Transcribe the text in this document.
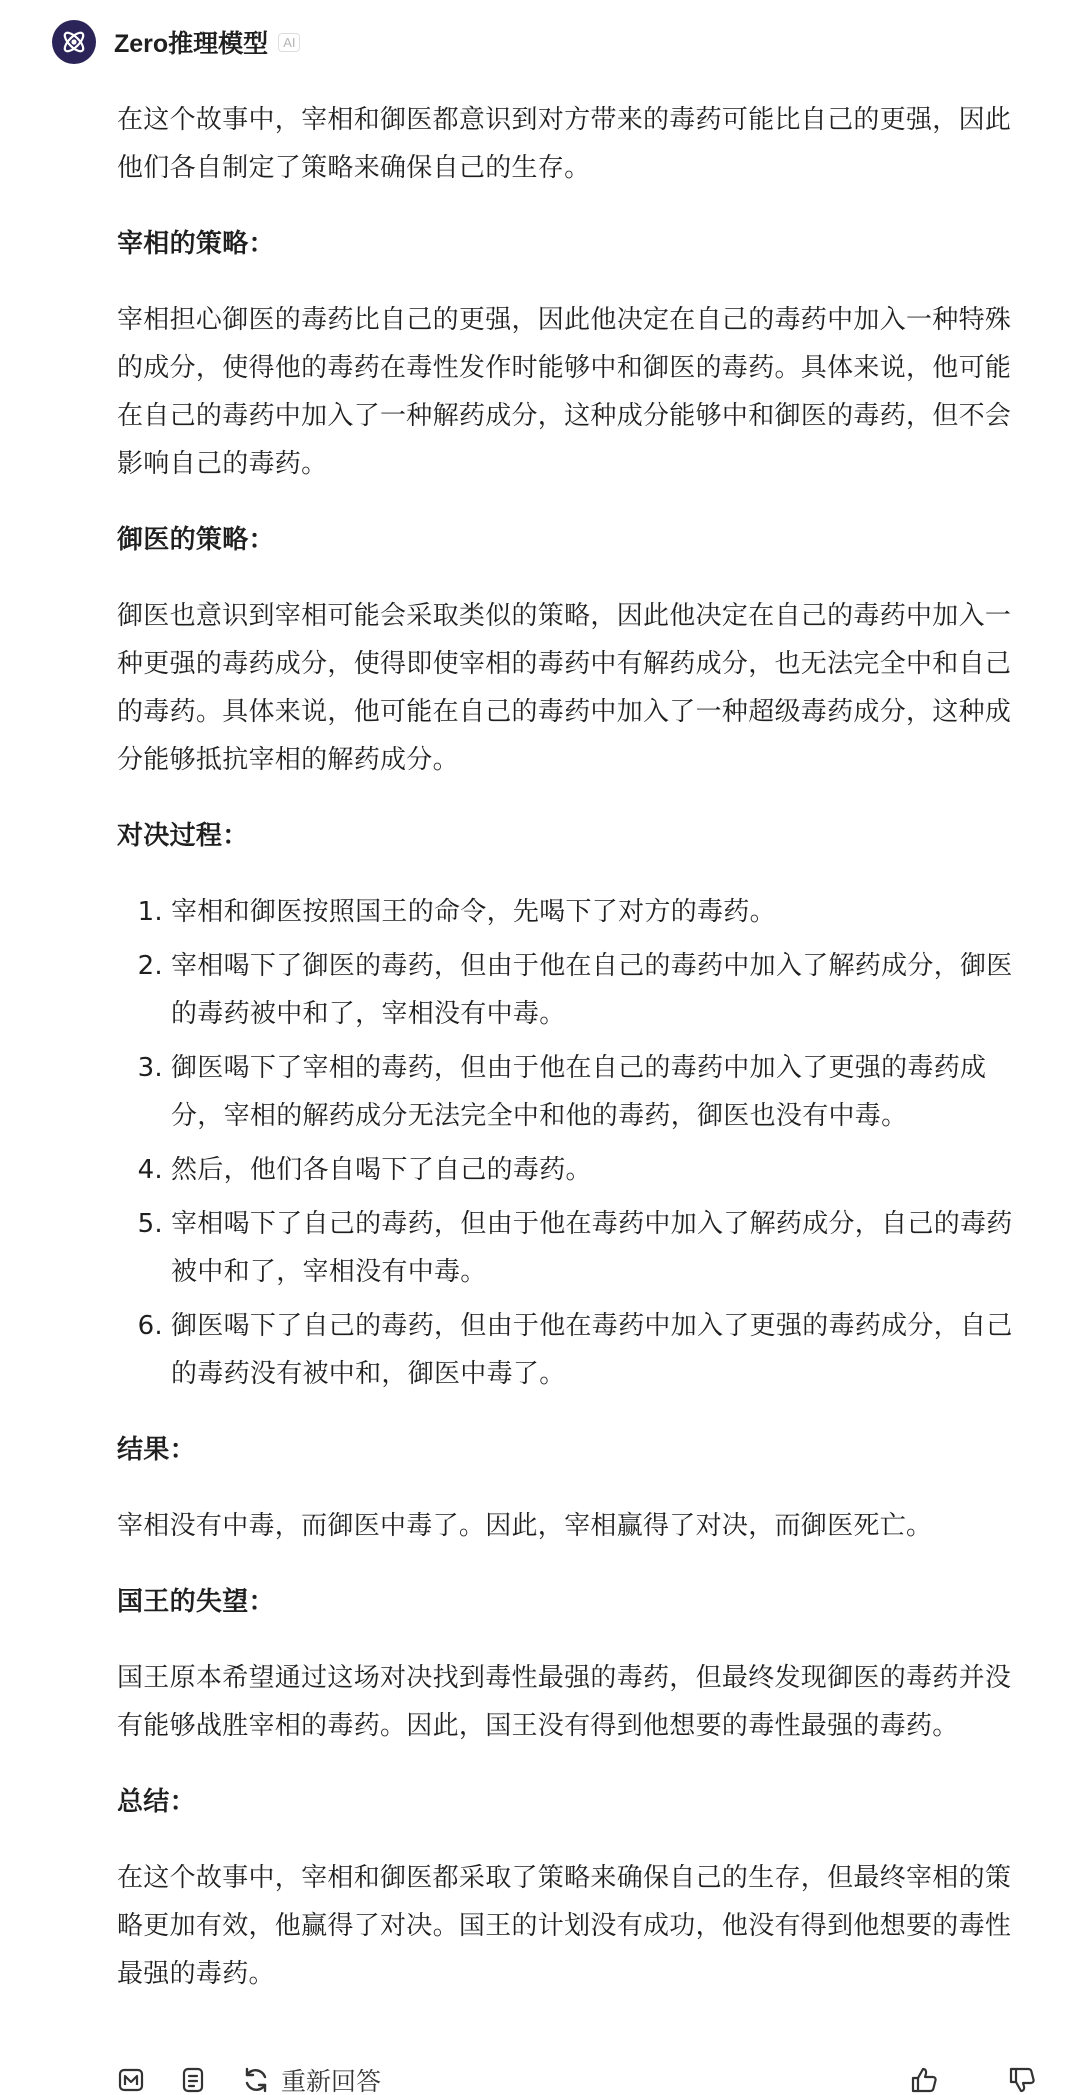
Zero推理模型	AI

在这个故事中，宰相和御医都意识到对方带来的毒药可能比自己的更强，因此他们各自制定了策略来确保自己的生存。

宰相的策略：

宰相担心御医的毒药比自己的更强，因此他决定在自己的毒药中加入一种特殊的成分，使得他的毒药在毒性发作时能够中和御医的毒药。具体来说，他可能在自己的毒药中加入了一种解药成分，这种成分能够中和御医的毒药，但不会影响自己的毒药。

御医的策略：

御医也意识到宰相可能会采取类似的策略，因此他决定在自己的毒药中加入一种更强的毒药成分，使得即使宰相的毒药中有解药成分，也无法完全中和自己的毒药。具体来说，他可能在自己的毒药中加入了一种超级毒药成分，这种成分能够抵抗宰相的解药成分。

对决过程：

1. 宰相和御医按照国王的命令，先喝下了对方的毒药。
2. 宰相喝下了御医的毒药，但由于他在自己的毒药中加入了解药成分，御医的毒药被中和了，宰相没有中毒。
3. 御医喝下了宰相的毒药，但由于他在自己的毒药中加入了更强的毒药成分，宰相的解药成分无法完全中和他的毒药，御医也没有中毒。
4. 然后，他们各自喝下了自己的毒药。
5. 宰相喝下了自己的毒药，但由于他在毒药中加入了解药成分，自己的毒药被中和了，宰相没有中毒。
6. 御医喝下了自己的毒药，但由于他在毒药中加入了更强的毒药成分，自己的毒药没有被中和，御医中毒了。

结果：

宰相没有中毒，而御医中毒了。因此，宰相赢得了对决，而御医死亡。

国王的失望：

国王原本希望通过这场对决找到毒性最强的毒药，但最终发现御医的毒药并没有能够战胜宰相的毒药。因此，国王没有得到他想要的毒性最强的毒药。

总结：

在这个故事中，宰相和御医都采取了策略来确保自己的生存，但最终宰相的策略更加有效，他赢得了对决。国王的计划没有成功，他没有得到他想要的毒性最强的毒药。

重新回答
